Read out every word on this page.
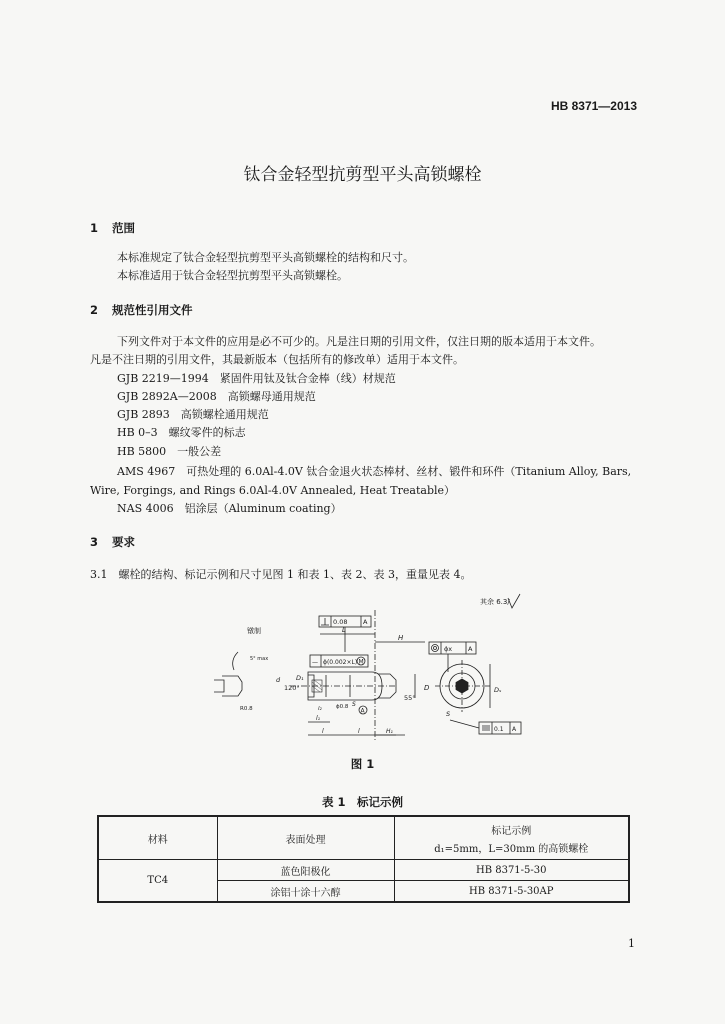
HB 8371—2013
钛合金轻型抗剪型平头高锁螺栓
1 范围
本标准规定了钛合金轻型抗剪型平头高锁螺栓的结构和尺寸。
本标准适用于钛合金轻型抗剪型平头高锁螺栓。
2 规范性引用文件
下列文件对于本文件的应用是必不可少的。凡是注日期的引用文件，仅注日期的版本适用于本文件。
凡是不注日期的引用文件，其最新版本（包括所有的修改单）适用于本文件。
GJB 2219—1994　紧固件用钛及钛合金棒（线）材规范
GJB 2892A—2008　高锁螺母通用规范
GJB 2893　高锁螺栓通用规范
HB 0–3　螺纹零件的标志
HB 5800　一般公差
AMS 4967　可热处理的 6.0Al-4.0V 钛合金退火状态棒材、丝材、锻件和环件（Titanium Alloy, Bars,
Wire, Forgings, and Rings 6.0Al-4.0V Annealed, Heat Treatable）
NAS 4006　铝涂层（Aluminum coating）
3 要求
3.1　螺栓的结构、标记示例和尺寸见图 1 和表 1、表 2、表 3，重量见表 4。
其余 6.3/
镦制
0.08 A
L
H
— ϕ(0.002×L) M
D₁
120°
d
5° max
R0.8
55°
D
l₂	ϕ0.8 S
A
l₁
l	l	H₁
ϕx A
Dₛ
S
0.1 A
图 1
表 1　标记示例
材料	表面处理	标记示例
d₁=5mm，L=30mm 的高锁螺栓

TC4	蓝色阳极化	HB 8371-5-30
	涂铝十涂十六醇	HB 8371-5-30AP
1
